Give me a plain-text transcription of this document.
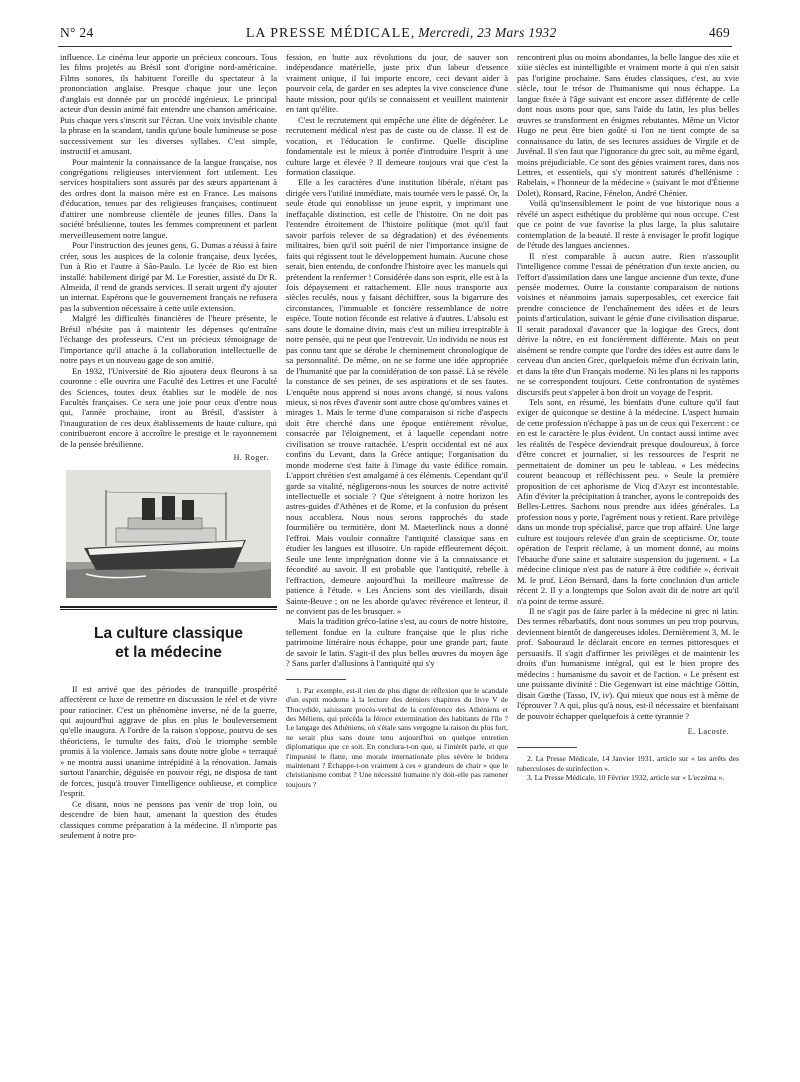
N° 24	LA PRESSE MÉDICALE, Mercredi, 23 Mars 1932	469

influence. Le cinéma leur apporte un précieux concours. Tous les films projetés au Brésil sont d'origine nord-américaine. Films sonores, ils habituent l'oreille du spectateur à la prononciation anglaise. Presque chaque jour une leçon d'anglais est donnée par un procédé ingénieux. Le principal acteur d'un dessin animé fait entendre une chanson américaine. Puis chaque vers s'inscrit sur l'écran. Une voix invisible chante la phrase en la scandant, tandis qu'une boule lumineuse se pose successivement sur les diverses syllabes. C'est simple, instructif et amusant.

Pour maintenir la connaissance de la langue française, nos congrégations religieuses interviennent fort utilement. Les services hospitaliers sont assurés par des sœurs appartenant à des ordres dont la maison mère est en France. Les maisons d'éducation, tenues par des religieuses françaises, continuent d'attirer une nombreuse clientèle de jeunes filles. Dans la société brésilienne, toutes les femmes comprennent et parlent merveilleusement notre langue.

Pour l'instruction des jeunes gens, G. Dumas a réussi à faire créer, sous les auspices de la colonie française, deux lycées, l'un à Rio et l'autre à São-Paulo. Le lycée de Rio est bien installé: habilement dirigé par M. Le Forestier, assisté du Dr R. Almeida, il rend de grands services. Il serait urgent d'y ajouter un internat. Espérons que le gouvernement français ne refusera pas la subvention nécessaire à cette utile extension.

Malgré les difficultés financières de l'heure présente, le Brésil n'hésite pas à maintenir les dépenses qu'entraîne l'échange des professeurs. C'est un précieux témoignage de l'importance qu'il attache à la collaboration intellectuelle de notre pays et un nouveau gage de son amitié.

En 1932, l'Université de Rio ajoutera deux fleurons à sa couronne : elle ouvrira une Faculté des Lettres et une Faculté des Sciences, toutes deux établies sur le modèle de nos Facultés françaises. Ce sera une joie pour ceux d'entre nous qui, l'année prochaine, iront au Brésil, d'assister à l'inauguration de ces deux établissements de haute culture, qui contribueront encore à accroître le prestige et le rayonnement de la pensée brésilienne.

H. Roger.
La culture classique
et la médecine

Il est arrivé que des périodes de tranquille prospérité affectèrent ce luxe de remettre en discussion le réel et de vivre pour ratiociner. C'est un phénomène inverse, né de la guerre, qui aujourd'hui aggrave de plus en plus le bouleversement qu'elle inaugura. A l'ordre de la raison s'oppose, pourvu de ses théoriciens, le tumulte des faits, d'où le triomphe semble promis à la violence. Jamais sans doute notre globe « terraqué » ne montra aussi unanime intrépidité à la rénovation. Jamais surtout l'anarchie, déguisée en pouvoir régi, ne disposa de tant de forces, jusqu'à trouver l'intelligence oublieuse, et complice l'esprit.

Ce disant, nous ne pensons pas venir de trop loin, ou descendre de bien haut, amenant la question des études classiques comme préparation à la médecine. Il n'importe pas seulement à notre pro-

fession, en butte aux révolutions du jour, de sauver son indépendance matérielle, juste prix d'un labeur d'essence vraiment unique, il lui importe encore, ceci devant aider à pourvoir cela, de garder en ses adeptes la vive conscience d'une haute mission, pour qu'ils se connaissent et veuillent maintenir en tant qu'élite.

C'est le recrutement qui empêche une élite de dégénérer. Le recrutement médical n'est pas de caste ou de classe. Il est de vocation, et l'éducation le confirme. Quelle discipline fondamentale est le mieux à portée d'introduire l'esprit à une culture large et élevée ? Il demeure toujours vrai que c'est la formation classique.

Elle a les caractères d'une institution libérale, n'étant pas dirigée vers l'utilité immédiate, mais tournée vers le passé. Or, la seule étude qui ennoblisse un jeune esprit, y imprimant une ineffaçable distinction, est celle de l'histoire. On ne doit pas l'entendre étroitement de l'histoire politique (mot qu'il faut savoir parfois relever de sa dégradation) et des événements militaires, bien qu'il soit puéril de nier l'importance insigne de faits qui régissent tout le développement humain. Aucune chose serait, bien entendu, de confondre l'histoire avec les manuels qui prétendent la renfermer ! Considérée dans son esprit, elle est à la fois dépaysement et rattachement. Elle nous transporte aux siècles reculés, nous y faisant déchiffrer, sous la bigarrure des circonstances, l'immuable et foncière ressemblance de notre espèce. Toute notion féconde est relative à d'autres. L'absolu est sans doute le domaine divin, mais c'est un milieu irrespirable à notre pensée, qui ne peut que l'entrevoir. Un individu ne nous est pas connu tant que se dérobe le cheminement chronologique de sa personnalité. De même, on ne se forme une idée appropriée de l'humanité que par la considération de son passé. Là se révèle la constance de ses peines, de ses aspirations et de ses fautes. L'enquête nous apprend si nous avons changé, si nous valons mieux, si nos rêves d'avenir sont autre chose qu'ombres vaines et mirages 1. Mais le terme d'une comparaison si riche d'aspects doit être cherché dans une époque entièrement révolue, consacrée par l'éloignement, et à laquelle cependant notre civilisation se trouve rattachée. L'esprit occidental est né aux confins du Levant, dans la Grèce antique; l'organisation du monde moderne s'est faite à l'image du vaste édifice romain. L'apport chrétien s'est amalgamé à ces éléments. Cependant qu'il garde sa vitalité, négligerons-nous les sources de notre activité intellectuelle et sociale ? Que s'éteignent à notre horizon les astres-guides d'Athènes et de Rome, et la confusion du présent nous accablera. Nous nous serons rapprochés du stade fourmilière ou termitière, dont M. Maeterlinck nous a donné l'effroi. Mais vouloir connaître l'antiquité classique sans en étudier les langues est illusoire. Un rapide effleurement déçoit. Seule une lente imprégnation donne vie à la connaissance et fécondité au savoir. Il est probable que l'antiquité, rebelle à l'effraction, demeure aujourd'hui la meilleure maîtresse de patience à l'étude. « Les Anciens sont des vieillards, disait Sainte-Beuve ; on ne les aborde qu'avec révérence et lenteur, il ne convient pas de les brusquer. »

Mais la tradition gréco-latine s'est, au cours de notre histoire, tellement fondue en la culture française que le plus riche patrimoine littéraire nous échappe, pour une grande part, faute de savoir le latin. S'agit-il des plus belles œuvres du moyen âge ? Sans parler d'allusions à l'antiquité qui s'y

1. Par exemple, est-il rien de plus digne de réflexion que le scandale d'un esprit moderne à la lecture des derniers chapitres du livre V de Thucydide, saisissant procès-verbal de la conférence des Athéniens et des Méliens, qui précéda la féroce extermination des habitants de l'île ? Le langage des Athéniens, où s'étale sans vergogne la raison du plus fort, ne serait plus sans doute tenu aujourd'hui en quelque entretien diplomatique que ce soit. En conclura-t-on que, si l'intérêt parle, et que l'impunité le flatte, une morale internationale plus sévère le bridera maintenant ? Échappe-t-on vraiment à ces « grandeurs de chair » que le christianisme combat ? Une nécessité humaine n'y doit-elle pas ramener toujours ?

rencontrent plus ou moins abondantes, la belle langue des xiie et xiiie siècles est inintelligible et vraiment morte à qui n'en saisit pas l'origine prochaine. Sans études classiques, c'est, au xvie siècle, tout le trésor de l'humanisme qui nous échappe. La langue fixée à l'âge suivant est encore assez différente de celle dont nous usons pour que, sans l'aide du latin, les plus belles œuvres se transforment en énigmes rebutantes. Même un Victor Hugo ne peut être bien goûté si l'on ne tient compte de sa connaissance du latin, de ses lectures assidues de Virgile et de Juvénal. Il s'en faut que l'ignorance du grec soit, au même égard, moins préjudiciable. Ce sont des génies vraiment rares, dans nos Lettres, et essentiels, qui s'y montrent saturés d'hellénisme : Rabelais, « l'honneur de la médecine » (suivant le mot d'Étienne Dolet), Ronsard, Racine, Fénelon, André Chénier.

Voilà qu'insensiblement le point de vue historique nous a révélé un aspect esthétique du problème qui nous occupe. C'est que ce point de vue favorise la plus large, la plus salutaire contemplation de la beauté. Il reste à envisager le profit logique de l'étude des langues anciennes.

Il n'est comparable à aucun autre. Rien n'assouplit l'intelligence comme l'essai de pénétration d'un texte ancien, ou l'effort d'assimilation dans une langue ancienne d'un texte, d'une pensée modernes. Outre la constante comparaison de notions voisines et néanmoins jamais superposables, cet exercice fait prendre conscience de l'enchaînement des idées et de leurs points d'articulation, suivant le génie d'une civilisation disparue. Il serait paradoxal d'avancer que la logique des Grecs, dont dérive la nôtre, en est foncièrement différente. Mais on peut aisément se rendre compte que l'ordre des idées est autre dans le cerveau d'un ancien Grec, quelquefois même d'un écrivain latin, et dans la tête d'un Français moderne. Ni les plans ni les rapports ne se correspondent toujours. Cette confrontation de systèmes discursifs peut s'appeler à bon droit un voyage de l'esprit.

Tels sont, en résumé, les bienfaits d'une culture qu'il faut exiger de quiconque se destine à la médecine. L'aspect humain de cette profession n'échappe à pas un de ceux qui l'exercent : ce en est le caractère le plus évident. Un contact aussi intime avec les réalités de l'espèce deviendrait presque douloureux, à force d'être concret et journalier, si les ressources de l'esprit ne permettaient de dominer un peu le tableau. « Les médecins courent beaucoup et réfléchissent peu. » Seule la première proposition de cet aphorisme de Vicq d'Azyr est incontestable. Afin d'éviter la précipitation à trancher, ayons le contrepoids des Belles-Lettres. Sachons nous prendre aux idées générales. La profession nous y porte, l'agrément nous y retient. Rare privilège dans un monde trop spécialisé, parce que trop affairé. Une large culture est toujours relevée d'un grain de scepticisme. Or, toute opération de l'esprit réclame, à un moment donné, au moins l'ébauche d'une saine et salutaire suspension du jugement. « La médecine clinique n'est pas de nature à être codifiée », écrivait M. le prof. Léon Bernard, dans la forte conclusion d'un article récent 2. Il y a longtemps que Solon avait dit de notre art qu'il n'a point de terme assuré.

Il ne s'agit pas de faire parler à la médecine ni grec ni latin. Des termes rébarbatifs, dont nous sommes un peu trop pourvus, deviennent bientôt de dangereuses idoles. Dernièrement 3, M. le prof. Sabouraud le déclarait encore en termes pittoresques et persuasifs. Il s'agit d'affirmer les privilèges et de maintenir les droits d'un humanisme intégral, qui est le bien propre des médecins : humanisme du savoir et de l'action. « Le présent est une puissante divinité : Die Gegenwart ist eine mächtige Göttin, disait Gœthe (Tasso, IV, iv). Qui mieux que nous est à même de l'éprouver ? A qui, plus qu'à nous, est-il nécessaire et bienfaisant de pouvoir échapper quelquefois à cette tyrannie ?

E. Lacoste.

2. La Presse Médicale, 14 Janvier 1931, article sur « les arrêts des tuberculoses de surinfection ».

3. La Presse Médicale, 10 Février 1932, article sur « L'eczéma ».
